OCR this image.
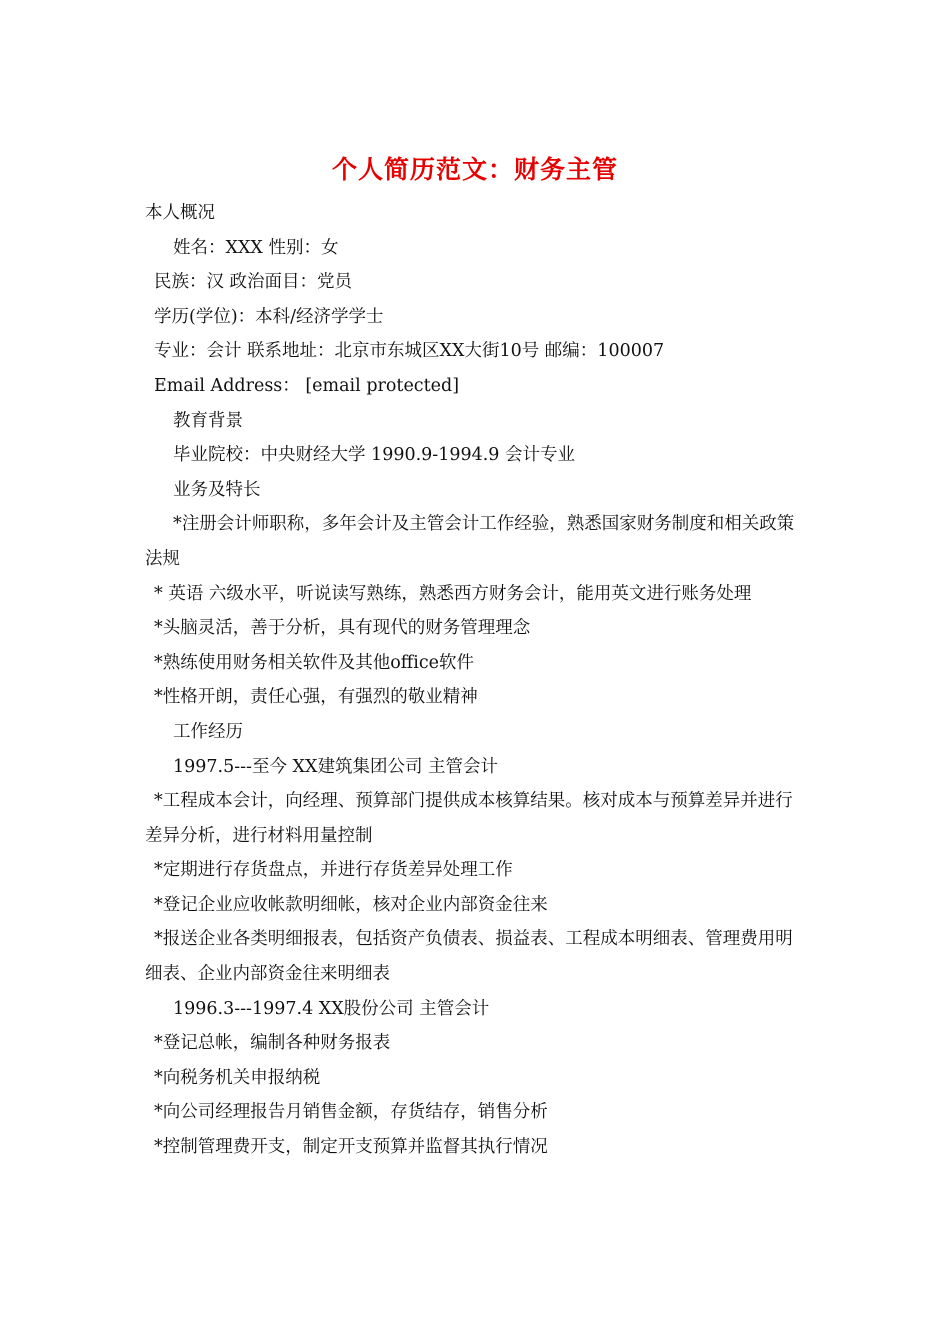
个人简历范文：财务主管
本人概况
姓名：XXX 性别：女
民族：汉 政治面目：党员
学历(学位)：本科/经济学学士
专业：会计 联系地址：北京市东城区XX大街10号 邮编：100007
Email Address： [email protected]
教育背景
毕业院校：中央财经大学 1990.9-1994.9 会计专业
业务及特长
*注册会计师职称，多年会计及主管会计工作经验，熟悉国家财务制度和相关政策法规
* 英语 六级水平，听说读写熟练，熟悉西方财务会计，能用英文进行账务处理
*头脑灵活，善于分析，具有现代的财务管理理念
*熟练使用财务相关软件及其他office软件
*性格开朗，责任心强，有强烈的敬业精神
工作经历
1997.5---至今 XX建筑集团公司 主管会计
*工程成本会计，向经理、预算部门提供成本核算结果。核对成本与预算差异并进行差异分析，进行材料用量控制
*定期进行存货盘点，并进行存货差异处理工作
*登记企业应收帐款明细帐，核对企业内部资金往来
*报送企业各类明细报表，包括资产负债表、损益表、工程成本明细表、管理费用明细表、企业内部资金往来明细表
1996.3---1997.4 XX股份公司 主管会计
*登记总帐，编制各种财务报表
*向税务机关申报纳税
*向公司经理报告月销售金额，存货结存，销售分析
*控制管理费开支，制定开支预算并监督其执行情况
